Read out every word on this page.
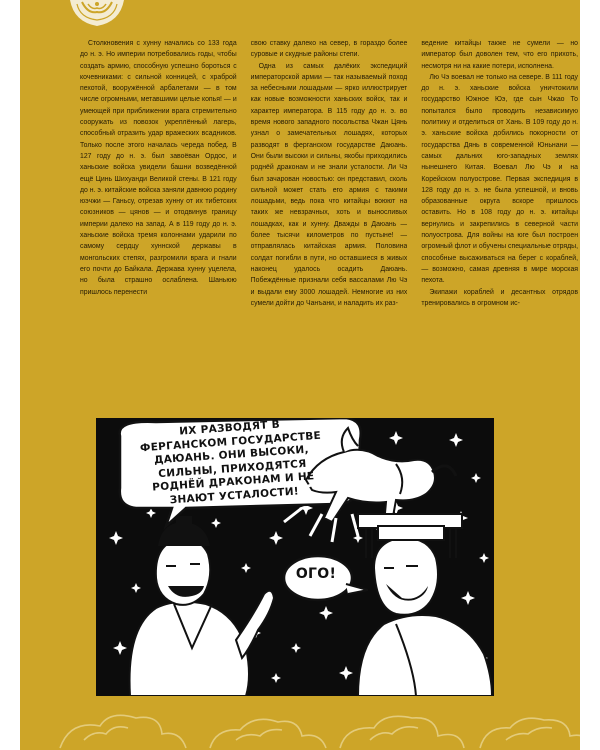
Столкновения с хунну начались со 133 года до н. э. Но империи потребовались годы, чтобы создать армию, способную успешно бороться с кочевниками: с сильной конницей, с храброй пехотой, вооружённой арбалетами — в том числе огромными, метавшими целые копья! — и умеющей при приближении врага стремительно сооружать из повозок укреплённый лагерь, способный отразить удар вражеских всадников. Только после этого началась череда побед. В 127 году до н. э. был завоёван Ордос, и ханьские войска увидели башни возведённой ещё Цинь Шихуанди Великой стены. В 121 году до н. э. китайские войска заняли давнюю родину юэчжи — Ганьсу, отрезав хунну от их тибетских союзников — цянов — и отодвинув границу империи далеко на запад. А в 119 году до н. э. ханьские войска тремя колоннами ударили по самому сердцу хуннской державы в монгольских степях, разгромили врага и гнали его почти до Байкала. Держава хунну уцелела, но была страшно ослаблена. Шаньюю пришлось перенести

свою ставку далеко на север, в гораздо более суровые и скудные районы степи.

Одна из самых далёких экспедиций императорской армии — так называемый поход за небесными лошадьми — ярко иллюстрирует как новые возможности ханьских войск, так и характер императора. В 115 году до н. э. во время нового западного посольства Чжан Цянь узнал о замечательных лошадях, которых разводят в ферганском государстве Даюань. Они были высоки и сильны, якобы приходились роднёй драконам и не знали усталости. Ли Чэ был зачарован новостью: он представил, сколь сильной может стать его армия с такими лошадьми, ведь пока что китайцы воюют на таких же невзрачных, хоть и выносливых лошадках, как и хунну. Дважды в Даюань — более тысячи километров по пустыне! — отправлялась китайская армия. Половина солдат погибли в пути, но оставшиеся в живых наконец удалось осадить Даюань. Побеждённые признали себя вассалами Лю Чэ и выдали ему 3000 лошадей. Немногие из них сумели дойти до Чанъани, и наладить их раз-

ведение китайцы также не сумели — но император был доволен тем, что его прихоть, несмотря ни на какие потери, исполнена.

Лю Чэ воевал не только на севере. В 111 году до н. э. ханьские войска уничтожили государство Южное Юэ, где сын Чжао То попытался было проводить независимую политику и отделиться от Хань. В 109 году до н. э. ханьские войска добились покорности от государства Дянь в современной Юньнани — самых дальних юго-западных землях нынешнего Китая. Воевал Лю Чэ и на Корейском полуострове. Первая экспедиция в 128 году до н. э. не была успешной, и вновь образованные округа вскоре пришлось оставить. Но в 108 году до н. э. китайцы вернулись и закрепились в северной части полуострова. Для войны на юге был построен огромный флот и обучены специальные отряды, способные высаживаться на берег с кораблей, — возможно, самая древняя в мире морская пехота.

Экипажи кораблей и десантных отрядов тренировались в огромном ис-

ИХ РАЗВОДЯТ В ФЕРГАНСКОМ ГОСУДАРСТВЕ ДАЮАНЬ. ОНИ ВЫСОКИ, СИЛЬНЫ, ПРИХОДЯТСЯ РОДНЁЙ ДРАКОНАМ И НЕ ЗНАЮТ УСТАЛОСТИ!
ОГО!
